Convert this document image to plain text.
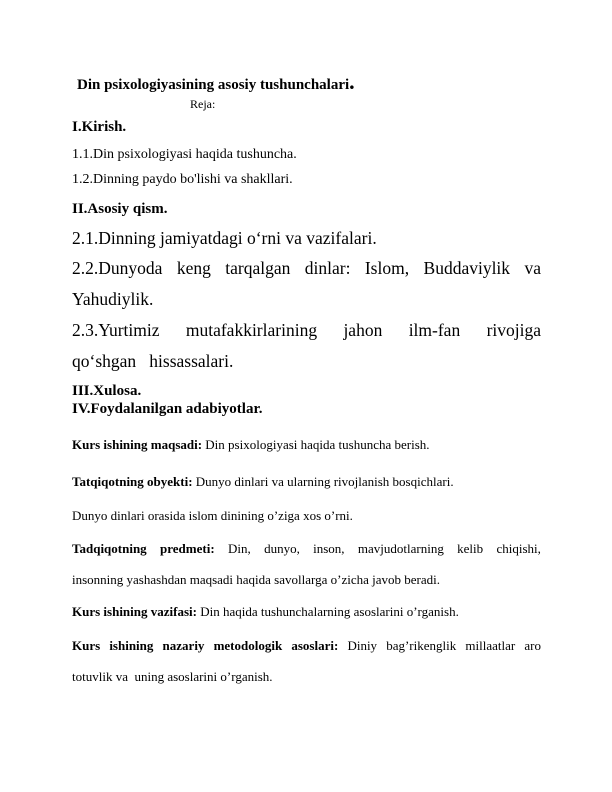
Din psixologiyasining asosiy tushunchalari.
Reja:
I.Kirish.
1.1.Din psixologiyasi haqida tushuncha.
1.2.Dinning paydo bo'lishi va shakllari.
II.Asosiy qism.
2.1.Dinning jamiyatdagi o‘rni va vazifalari.
2.2.Dunyoda keng tarqalgan dinlar: Islom, Buddaviylik va
Yahudiylik.
2.3.Yurtimiz mutafakkirlarining jahon ilm-fan rivojiga
qo‘shgan   hissassalari.
III.Xulosa.
IV.Foydalanilgan adabiyotlar.
Kurs ishining maqsadi: Din psixologiyasi haqida tushuncha berish.
Tatqiqotning obyekti: Dunyo dinlari va ularning rivojlanish bosqichlari.
Dunyo dinlari orasida islom dinining o’ziga xos o’rni.
Tadqiqotning predmeti: Din, dunyo, inson, mavjudotlarning kelib chiqishi,
insonning yashashdan maqsadi haqida savollarga o’zicha javob beradi.
Kurs ishining vazifasi: Din haqida tushunchalarning asoslarini o’rganish.
Kurs ishining nazariy metodologik asoslari: Diniy bag’rikenglik millaatlar aro
totuvlik va  uning asoslarini o’rganish.
